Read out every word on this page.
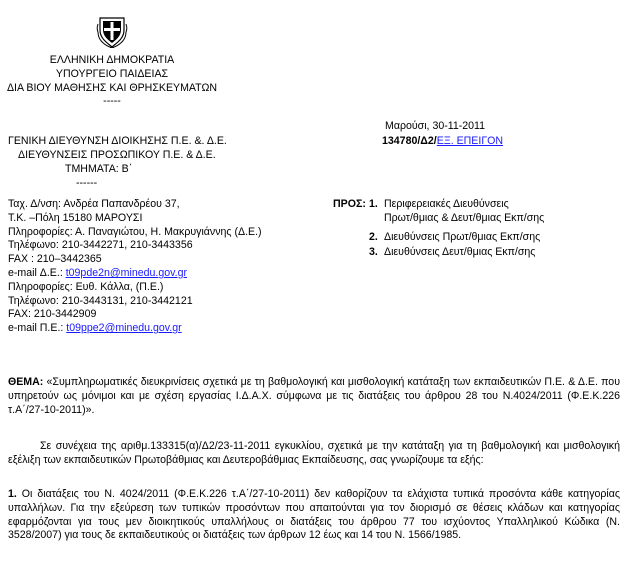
ΕΛΛΗΝΙΚΗ ΔΗΜΟΚΡΑΤΙΑ
ΥΠΟΥΡΓΕΙΟ ΠΑΙΔΕΙΑΣ
ΔΙΑ ΒΙΟΥ ΜΑΘΗΣΗΣ ΚΑΙ ΘΡΗΣΚΕΥΜΑΤΩΝ
-----
Μαρούσι, 30-11-2011
134780/Δ2/ΕΞ. ΕΠΕΙΓΟΝ
ΓΕΝΙΚΗ ΔΙΕΥΘΥΝΣΗ ΔΙΟΙΚΗΣΗΣ Π.Ε. &. Δ.Ε.
ΔΙΕΥΘΥΝΣΕΙΣ ΠΡΟΣΩΠΙΚΟΥ Π.Ε. & Δ.Ε.
ΤΜΗΜΑΤΑ: Β΄
------
Ταχ. Δ/νση: Ανδρέα Παπανδρέου 37,
Τ.Κ. –Πόλη 15180 ΜΑΡΟΥΣΙ
Πληροφορίες: Α. Παναγιώτου, Η. Μακρυγιάννης (Δ.Ε.)
Τηλέφωνο: 210-3442271, 210-3443356
FAX : 210–3442365
e-mail Δ.Ε.: t09pde2n@minedu.gov.gr
Πληροφορίες: Ευθ. Κάλλα, (Π.Ε.)
Τηλέφωνο: 210-3443131, 210-3442121
FAX: 210-3442909
e-mail Π.Ε.: t09ppe2@minedu.gov.gr
ΠΡΟΣ: 1. Περιφερειακές Διευθύνσεις
Πρωτ/θμιας & Δευτ/θμιας Εκπ/σης
2. Διευθύνσεις Πρωτ/θμιας Εκπ/σης
3. Διευθύνσεις Δευτ/θμιας Εκπ/σης
ΘΕΜΑ: «Συμπληρωματικές διευκρινίσεις σχετικά με τη βαθμολογική και μισθολογική κατάταξη των εκπαιδευτικών Π.Ε. & Δ.Ε. που υπηρετούν ως μόνιμοι και με σχέση εργασίας Ι.Δ.Α.Χ. σύμφωνα με τις διατάξεις του άρθρου 28 του Ν.4024/2011 (Φ.Ε.Κ.226 τ.Α΄/27-10-2011)».
Σε συνέχεια της αριθμ.133315(α)/Δ2/23-11-2011 εγκυκλίου, σχετικά με την κατάταξη για τη βαθμολογική και μισθολογική εξέλιξη των εκπαιδευτικών Πρωτοβάθμιας και Δευτεροβάθμιας Εκπαίδευσης, σας γνωρίζουμε τα εξής:
1. Οι διατάξεις του Ν. 4024/2011 (Φ.Ε.Κ.226 τ.Α΄/27-10-2011) δεν καθορίζουν τα ελάχιστα τυπικά προσόντα κάθε κατηγορίας υπαλλήλων. Για την εξεύρεση των τυπικών προσόντων που απαιτούνται για τον διορισμό σε θέσεις κλάδων και κατηγορίας εφαρμόζονται για τους μεν διοικητικούς υπαλλήλους οι διατάξεις του άρθρου 77 του ισχύοντος Υπαλληλικού Κώδικα (Ν. 3528/2007) για τους δε εκπαιδευτικούς οι διατάξεις των άρθρων 12 έως και 14 του Ν. 1566/1985.
